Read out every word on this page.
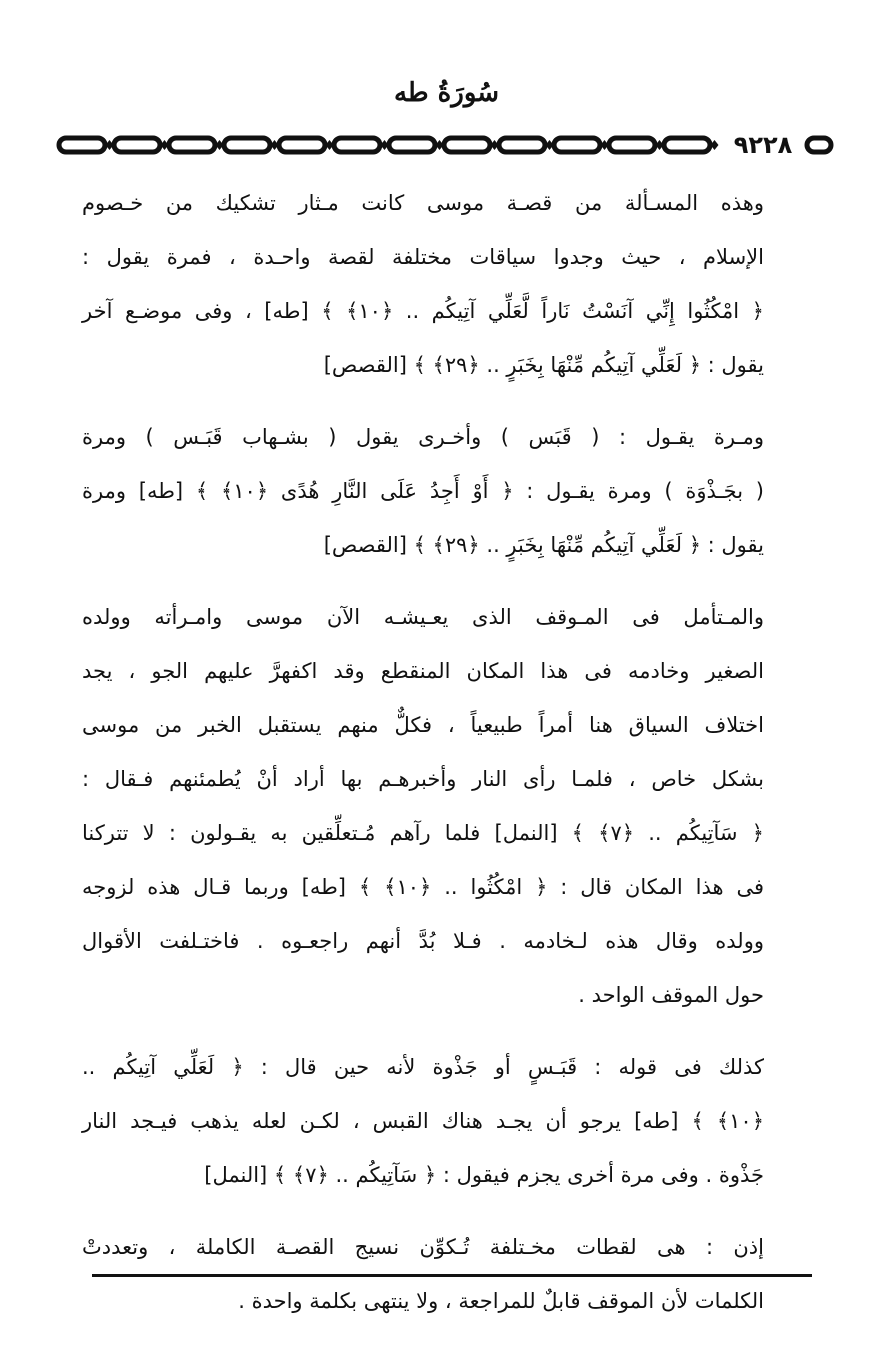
سُورَةُ طه
٩٢٢٨

وهذه المسـألة من قصـة موسى كانت مـثار تشكيك من خـصوم
الإسلام ، حيث وجدوا سياقات مختلفة لقصة واحـدة ، فمرة يقول :
﴿ امْكُثُوا إِنِّي آنَسْتُ نَاراً لَّعَلِّي آتِيكُم .. ﴿١٠﴾ ﴾ [طه] ، وفى موضـع آخر
يقول : ﴿ لَعَلِّي آتِيكُم مِّنْهَا بِخَبَرٍ .. ﴿٢٩﴾ ﴾ [القصص]

ومـرة يقـول : ( قَبَس ) وأخـرى يقول ( بشـهاب قَبَـس ) ومرة
( بجَـذْوَة ) ومرة يقـول : ﴿ أَوْ أَجِدُ عَلَى النَّارِ هُدًى ﴿١٠﴾ ﴾ [طه] ومرة
يقول : ﴿ لَعَلِّي آتِيكُم مِّنْهَا بِخَبَرٍ .. ﴿٢٩﴾ ﴾ [القصص]

والمـتأمل فى المـوقف الذى يعـيشـه الآن موسى وامـرأته وولده
الصغير وخادمه فى هذا المكان المنقطع وقد اكفهرَّ عليهم الجو ، يجد
اختلاف السياق هنا أمراً طبيعياً ، فكلٌّ منهم يستقبل الخبر من موسى
بشكل خاص ، فلمـا رأى النار وأخبرهـم بها أراد أنْ يُطمئنهم فـقال :
﴿ سَآتِيكُم .. ﴿٧﴾ ﴾ [النمل] فلما رآهم مُـتعلِّقين به يقـولون : لا تتركنا
فى هذا المكان قال : ﴿ امْكُثُوا .. ﴿١٠﴾ ﴾ [طه] وربما قـال هذه لزوجه
وولده وقال هذه لـخادمه . فـلا بُدَّ أنهم راجعـوه . فاختـلفت الأقوال
حول الموقف الواحد .

كذلك فى قوله : قَبَـسٍ أو جَذْوة لأنه حين قال : ﴿ لَعَلِّي آتِيكُم ..
﴿١٠﴾ ﴾ [طه] يرجو أن يجـد هناك القبس ، لكـن لعله يذهب فيـجد النار
جَذْوة . وفى مرة أخرى يجزم فيقول : ﴿ سَآتِيكُم .. ﴿٧﴾ ﴾ [النمل]

إذن : هى لقطات مخـتلفة تُـكوِّن نسيج القصـة الكاملة ، وتعددتْ
الكلمات لأن الموقف قابلٌ للمراجعة ، ولا ينتهى بكلمة واحدة .
